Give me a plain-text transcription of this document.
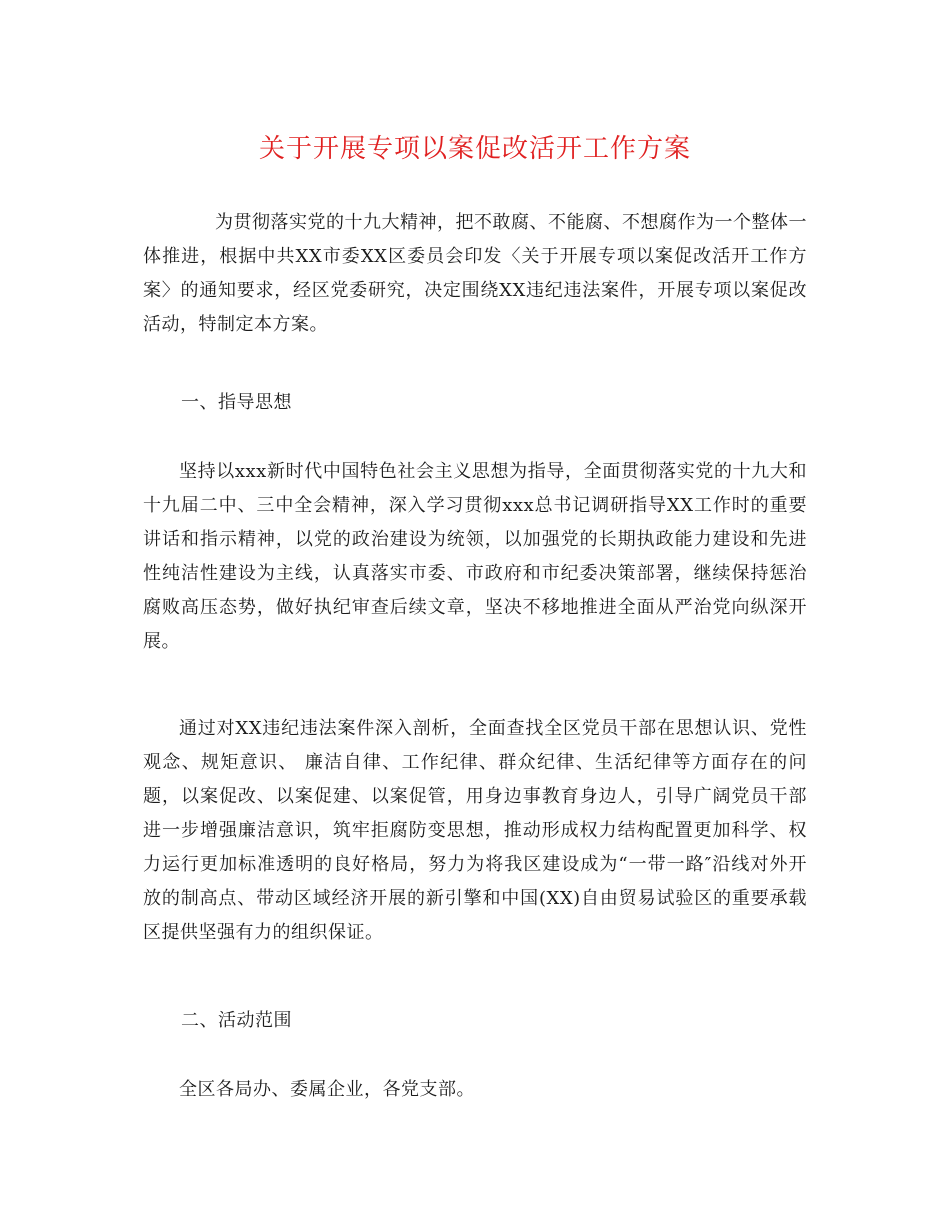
关于开展专项以案促改活开工作方案
为贯彻落实党的十九大精神，把不敢腐、不能腐、不想腐作为一个整体一体推进，根据中共XX市委XX区委员会印发〈关于开展专项以案促改活开工作方案〉的通知要求，经区党委研究，决定围绕XX违纪违法案件，开展专项以案促改活动，特制定本方案。
一、指导思想
坚持以xxx新时代中国特色社会主义思想为指导，全面贯彻落实党的十九大和十九届二中、三中全会精神，深入学习贯彻xxx总书记调研指导XX工作时的重要讲话和指示精神，以党的政治建设为统领，以加强党的长期执政能力建设和先进性纯洁性建设为主线，认真落实市委、市政府和市纪委决策部署，继续保持惩治腐败高压态势，做好执纪审查后续文章，坚决不移地推进全面从严治党向纵深开展。
通过对XX违纪违法案件深入剖析，全面查找全区党员干部在思想认识、党性观念、规矩意识、 廉洁自律、工作纪律、群众纪律、生活纪律等方面存在的问题，以案促改、以案促建、以案促管，用身边事教育身边人，引导广阔党员干部进一步增强廉洁意识，筑牢拒腐防变思想，推动形成权力结构配置更加科学、权力运行更加标准透明的良好格局，努力为将我区建设成为“一带一路″沿线对外开放的制高点、带动区域经济开展的新引擎和中国(XX)自由贸易试验区的重要承载区提供坚强有力的组织保证。
二、活动范围
全区各局办、委属企业，各党支部。
